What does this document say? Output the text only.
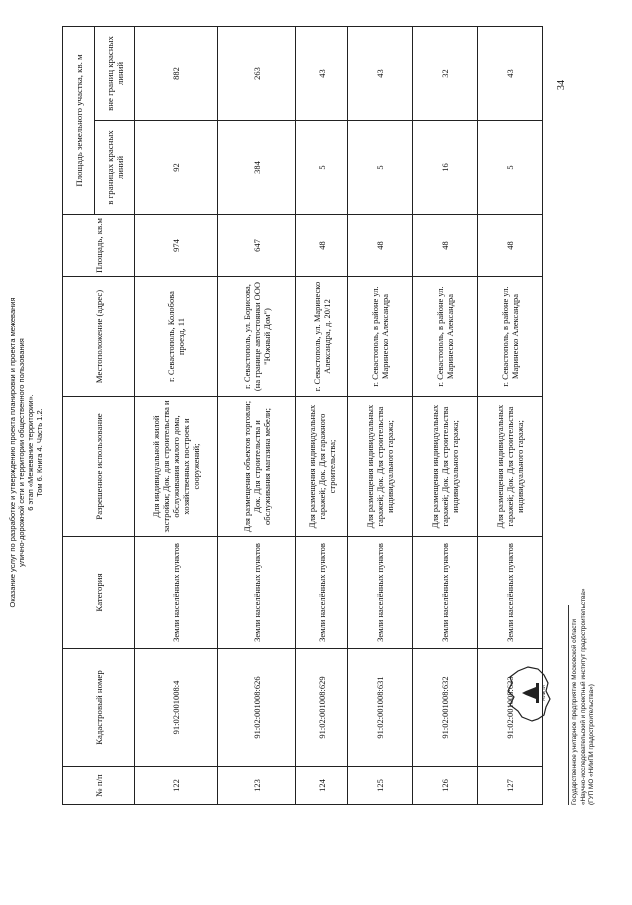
Оказание услуг по разработке и утверждению проекта планировки и проекта межевания улично-дорожной сети и территории общественного пользования 6 этап «Межевание территории». Том 6. Книга 4. Часть 1.2.
34
№ п/п	Кадастровый номер	Категория	Разрешенное использование	Местоположение (адрес)	Площадь, кв.м	Площадь земельного участка, кв. м	
						в границах красных линий	вне границ красных линий
122	91:02:001008:4	Земли населённых пунктов	Для индивидуальной жилой застройки; Док. для строительства и обслуживания жилого дома, хозяйственных построек и сооружений;	г. Севастополь, Колобова проезд, 11	974	92	882
123	91:02:001008:626	Земли населённых пунктов	Для размещения объектов торговли; Док. Для строительства и обслуживания магазина мебели;	г. Севастополь, ул. Борисова, (на границе автостоянки ООО "Южный Дом")	647	384	263
124	91:02:001008:629	Земли населённых пунктов	Для размещения индивидуальных гаражей; Док. Для гаражного строительства;	г. Севастополь, ул. Маринеско Александра, д. 20/12	48	5	43
125	91:02:001008:631	Земли населённых пунктов	Для размещения индивидуальных гаражей; Док. Для строительства индивидуального гаража;	г. Севастополь, в районе ул. Маринеско Александра	48	5	43
126	91:02:001008:632	Земли населённых пунктов	Для размещения индивидуальных гаражей; Док. Для строительства индивидуального гаража;	г. Севастополь, в районе ул. Маринеско Александра	48	16	32
127	91:02:001008:633	Земли населённых пунктов	Для размещения индивидуальных гаражей; Док. Для строительства индивидуального гаража;	г. Севастополь, в районе ул. Маринеско Александра	48	5	43
НИиПИ	Государственное унитарное предприятие Московской области «Научно-исследовательский и проектный институт градостроительства» (ГУП МО «НИиПИ градостроительства»)
